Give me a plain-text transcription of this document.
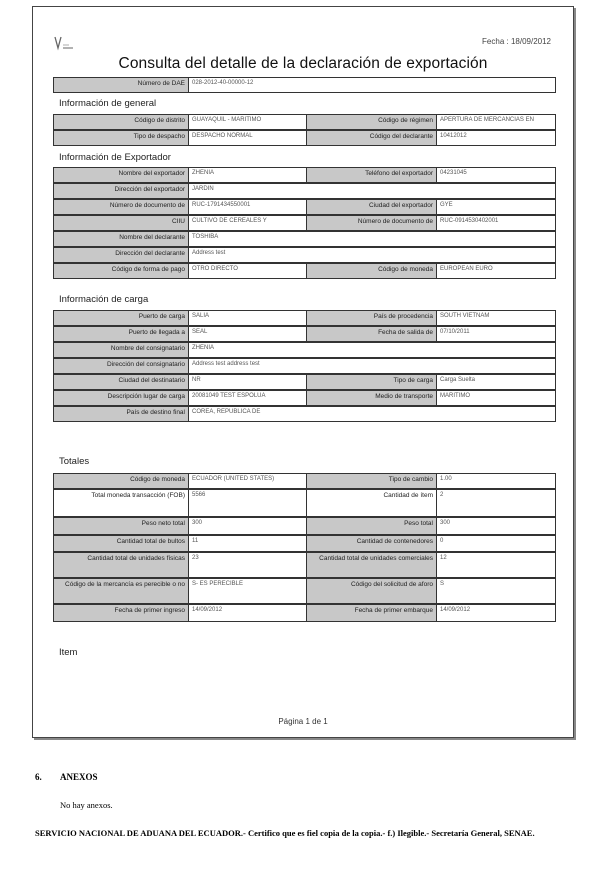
Fecha : 18/09/2012
Consulta del detalle de la declaración de exportación
Número de DAE	028-2012-40-00000-12
Información de general
Código de distrito	GUAYAQUIL - MARITIMO	Código de régimen	APERTURA DE MERCANCIAS EN
Tipo de despacho	DESPACHO NORMAL	Código del declarante	10412012
Información de Exportador
Nombre del exportador	ZHENIA	Teléfono del exportador	04231045
Dirección del exportador	JARDIN
Número de documento de	RUC-1791434550001	Ciudad del exportador	GYE
CIIU	CULTIVO DE CEREALES Y	Número de documento de	RUC-0914530402001
Nombre del declarante	TOSHIBA
Dirección del declarante	Address test
Código de forma de pago	OTRO DIRECTO	Código de moneda	EUROPEAN EURO
Información de carga
Puerto de carga	SALIA	País de procedencia	SOUTH VIETNAM
Puerto de llegada a	SEAL	Fecha de salida de	07/10/2011
Nombre del consignatario	ZHENIA
Dirección del consignatario	Address test address test
Ciudad del destinatario	NR	Tipo de carga	Carga Suelta
Descripción lugar de carga	20081049 TEST ESPOLUA	Medio de transporte	MARITIMO
País de destino final	COREA, REPUBLICA DE
Totales
Código de moneda	ECUADOR (UNITED STATES)	Tipo de cambio	1.00
Total moneda transacción (FOB)	5566	Cantidad de ítem	2
Peso neto total	300	Peso total	300
Cantidad total de bultos	11	Cantidad de contenedores	0
Cantidad total de unidades físicas	23	Cantidad total de unidades comerciales	12
Código de la mercancía es perecible o no	S- ES PERECIBLE	Código del solicitud de aforo	S
Fecha de primer ingreso	14/09/2012	Fecha de primer embarque	14/09/2012
Item
Página 1 de 1
6. ANEXOS
No hay anexos.
SERVICIO NACIONAL DE ADUANA DEL ECUADOR.- Certifico que es fiel copia de la copia.- f.) Ilegible.- Secretaría General, SENAE.
